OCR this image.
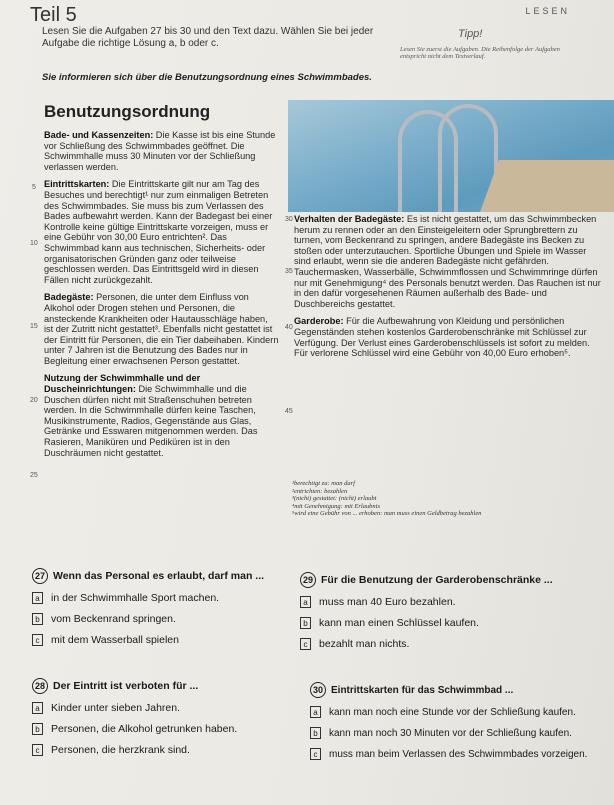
Teil 5	LESEN
Tipp!
Lesen Sie zuerst die Aufgaben. Die Reihenfolge der Aufgaben entspricht nicht dem Textverlauf.
Lesen Sie die Aufgaben 27 bis 30 und den Text dazu. Wählen Sie bei jeder Aufgabe die richtige Lösung a, b oder c.
Sie informieren sich über die Benutzungsordnung eines Schwimmbades.
Benutzungsordnung
5
10
15
20
25
30
35
40
45

Bade- und Kassenzeiten: Die Kasse ist bis eine Stunde vor Schließung des Schwimmbades geöffnet. Die Schwimmhalle muss 30 Minuten vor der Schließung verlassen werden.

Eintrittskarten: Die Eintrittskarte gilt nur am Tag des Besuches und berechtigt¹ nur zum einmaligen Betreten des Schwimmbades. Sie muss bis zum Verlassen des Bades aufbewahrt werden. Kann der Badegast bei einer Kontrolle keine gültige Eintrittskarte vorzeigen, muss er eine Gebühr von 30,00 Euro entrichten². Das Schwimmbad kann aus technischen, Sicherheits- oder organisatorischen Gründen ganz oder teilweise geschlossen werden. Das Eintrittsgeld wird in diesen Fällen nicht zurückgezahlt.

Badegäste: Personen, die unter dem Einfluss von Alkohol oder Drogen stehen und Personen, die ansteckende Krankheiten oder Hautausschläge haben, ist der Zutritt nicht gestattet³. Ebenfalls nicht gestattet ist der Eintritt für Personen, die ein Tier dabeihaben. Kindern unter 7 Jahren ist die Benutzung des Bades nur in Begleitung einer erwachsenen Person gestattet.

Nutzung der Schwimmhalle und der Duscheinrichtungen: Die Schwimmhalle und die Duschen dürfen nicht mit Straßenschuhen betreten werden. In die Schwimmhalle dürfen keine Taschen, Musikinstrumente, Radios, Gegenstände aus Glas, Getränke und Esswaren mitgenommen werden. Das Rasieren, Maniküren und Pediküren ist in den Duschräumen nicht gestattet.

Verhalten der Badegäste: Es ist nicht gestattet, um das Schwimmbecken herum zu rennen oder an den Einsteigeleitern oder Sprungbrettern zu turnen, vom Beckenrand zu springen, andere Badegäste ins Becken zu stoßen oder unterzutauchen. Sportliche Übungen und Spiele im Wasser sind erlaubt, wenn sie die anderen Badegäste nicht gefährden. Tauchermasken, Wasserbälle, Schwimmflossen und Schwimmringe dürfen nur mit Genehmigung⁴ des Personals benutzt werden. Das Rauchen ist nur in den dafür vorgesehenen Räumen außerhalb des Bade- und Duschbereichs gestattet.

Garderobe: Für die Aufbewahrung von Kleidung und persönlichen Gegenständen stehen kostenlos Garderobenschränke mit Schlüssel zur Verfügung. Der Verlust eines Garderobenschlüssels ist sofort zu melden. Für verlorene Schlüssel wird eine Gebühr von 40,00 Euro erhoben⁵.

¹berechtigt zu: man darf
²entrichten: bezahlen
³(nicht) gestattet: (nicht) erlaubt
⁴mit Genehmigung: mit Erlaubnis
⁵wird eine Gebühr von ... erhoben: man muss einen Geldbetrag bezahlen
27 Wenn das Personal es erlaubt, darf man ...
a	in der Schwimmhalle Sport machen.
b	vom Beckenrand springen.
c	mit dem Wasserball spielen
29 Für die Benutzung der Garderobenschränke ...
a	muss man 40 Euro bezahlen.
b	kann man einen Schlüssel kaufen.
c	bezahlt man nichts.
28 Der Eintritt ist verboten für ...
a	Kinder unter sieben Jahren.
b	Personen, die Alkohol getrunken haben.
c	Personen, die herzkrank sind.
30 Eintrittskarten für das Schwimmbad ...
a	kann man noch eine Stunde vor der Schließung kaufen.
b	kann man noch 30 Minuten vor der Schließung kaufen.
c	muss man beim Verlassen des Schwimmbades vorzeigen.
